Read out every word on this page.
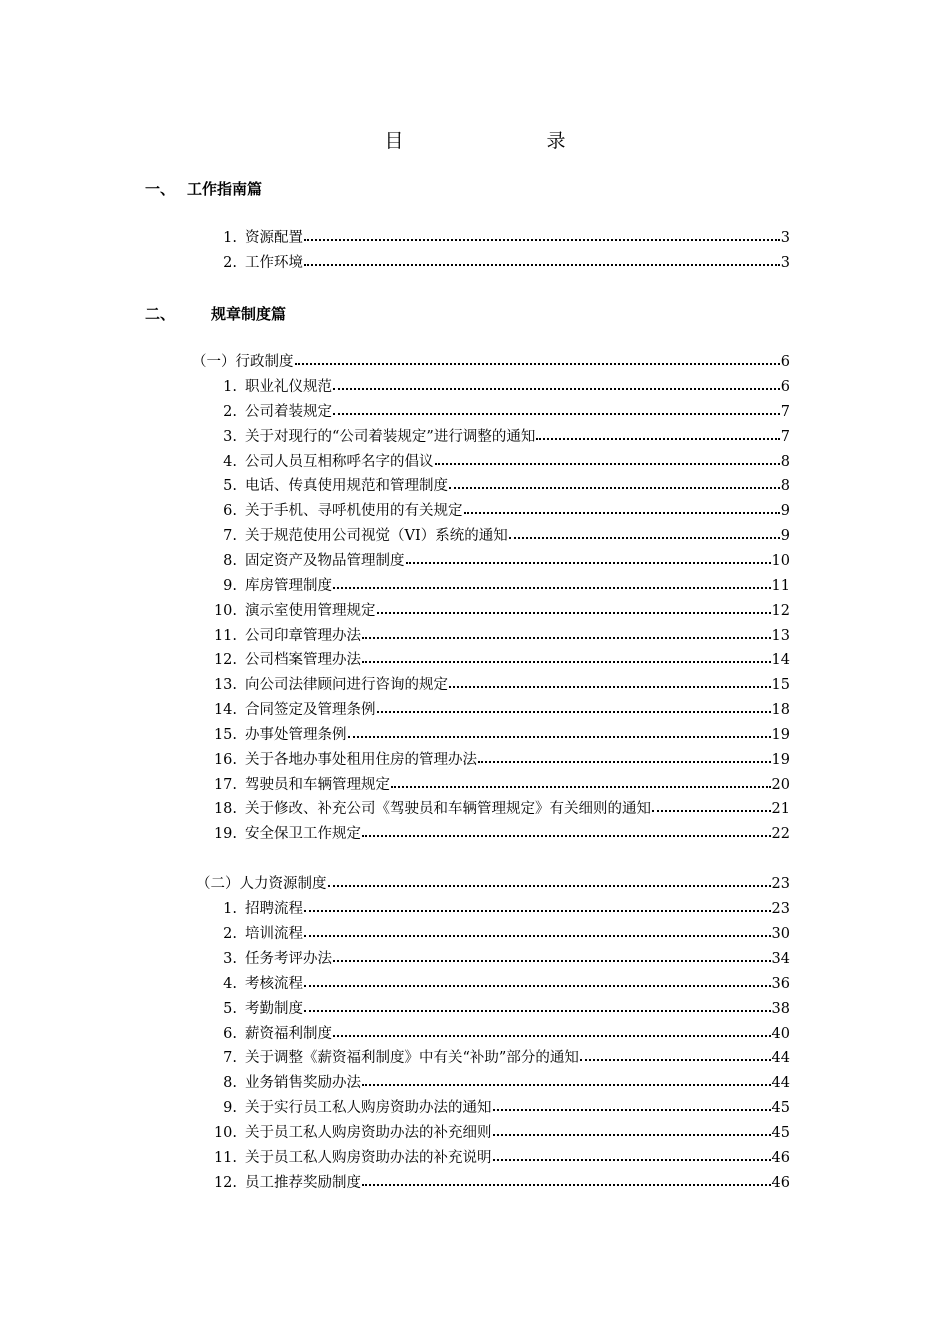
目　录
一、 工作指南篇
二、 规章制度篇
1. 资源配置	3
2. 工作环境	3
（一）行政制度	6
1. 职业礼仪规范	6
2. 公司着装规定	7
3. 关于对现行的“公司着装规定”进行调整的通知	7
4. 公司人员互相称呼名字的倡议	8
5. 电话、传真使用规范和管理制度	8
6. 关于手机、寻呼机使用的有关规定	9
7. 关于规范使用公司视觉（VI）系统的通知	9
8. 固定资产及物品管理制度	10
9. 库房管理制度	11
10. 演示室使用管理规定	12
11. 公司印章管理办法	13
12. 公司档案管理办法	14
13. 向公司法律顾问进行咨询的规定	15
14. 合同签定及管理条例	18
15. 办事处管理条例	19
16. 关于各地办事处租用住房的管理办法	19
17. 驾驶员和车辆管理规定	20
18. 关于修改、补充公司《驾驶员和车辆管理规定》有关细则的通知	21
19. 安全保卫工作规定	22
（二）人力资源制度	23
1. 招聘流程	23
2. 培训流程	30
3. 任务考评办法	34
4. 考核流程	36
5. 考勤制度	38
6. 薪资福利制度	40
7. 关于调整《薪资福利制度》中有关“补助”部分的通知	44
8. 业务销售奖励办法	44
9. 关于实行员工私人购房资助办法的通知	45
10. 关于员工私人购房资助办法的补充细则	45
11. 关于员工私人购房资助办法的补充说明	46
12. 员工推荐奖励制度	46
